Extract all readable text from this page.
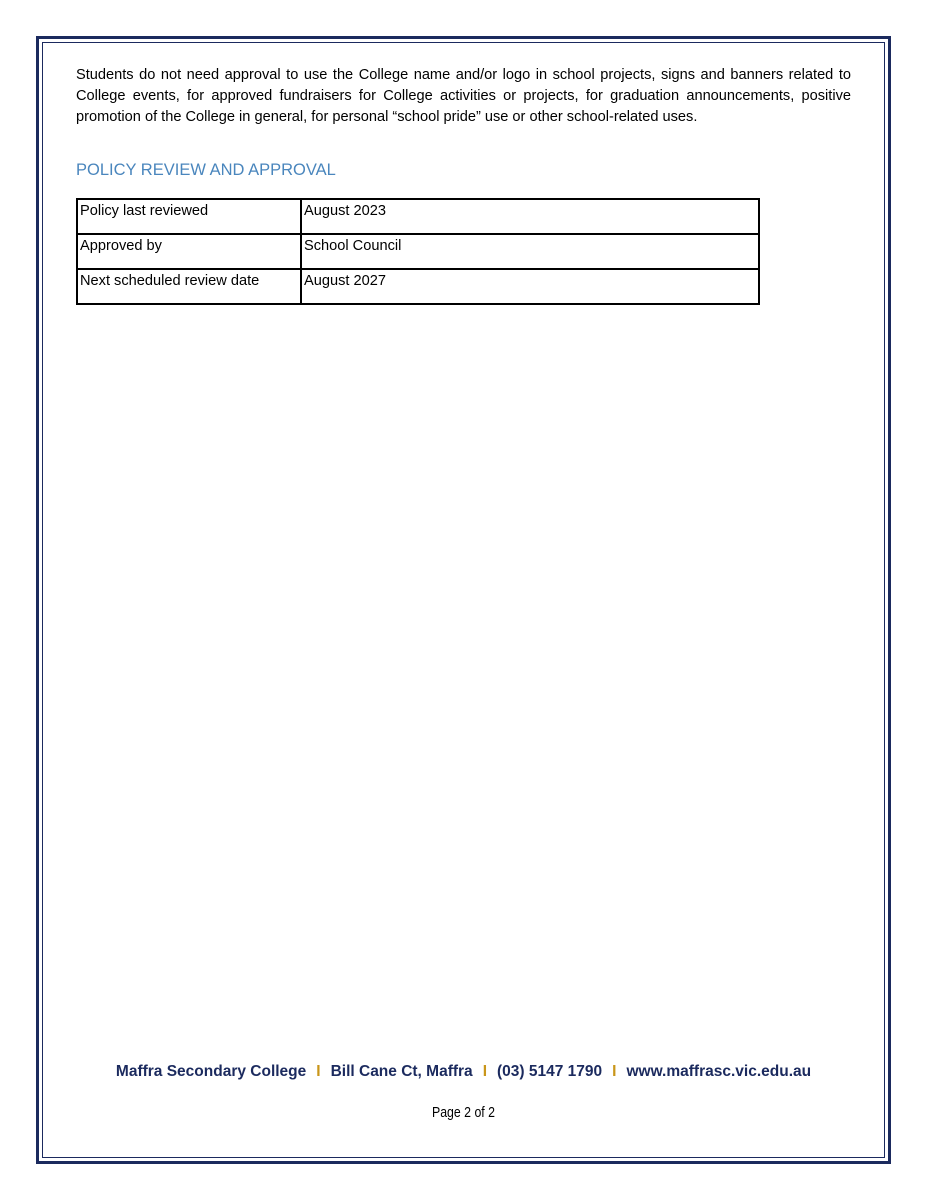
Students do not need approval to use the College name and/or logo in school projects, signs and banners related to College events, for approved fundraisers for College activities or projects, for graduation announcements, positive promotion of the College in general, for personal “school pride” use or other school-related uses.

POLICY REVIEW AND APPROVAL
Policy last reviewed	August 2023
Approved by	School Council
Next scheduled review date	August 2027
Maffra Secondary College I Bill Cane Ct, Maffra I (03) 5147 1790 I www.maffrasc.vic.edu.au
Page 2 of 2
